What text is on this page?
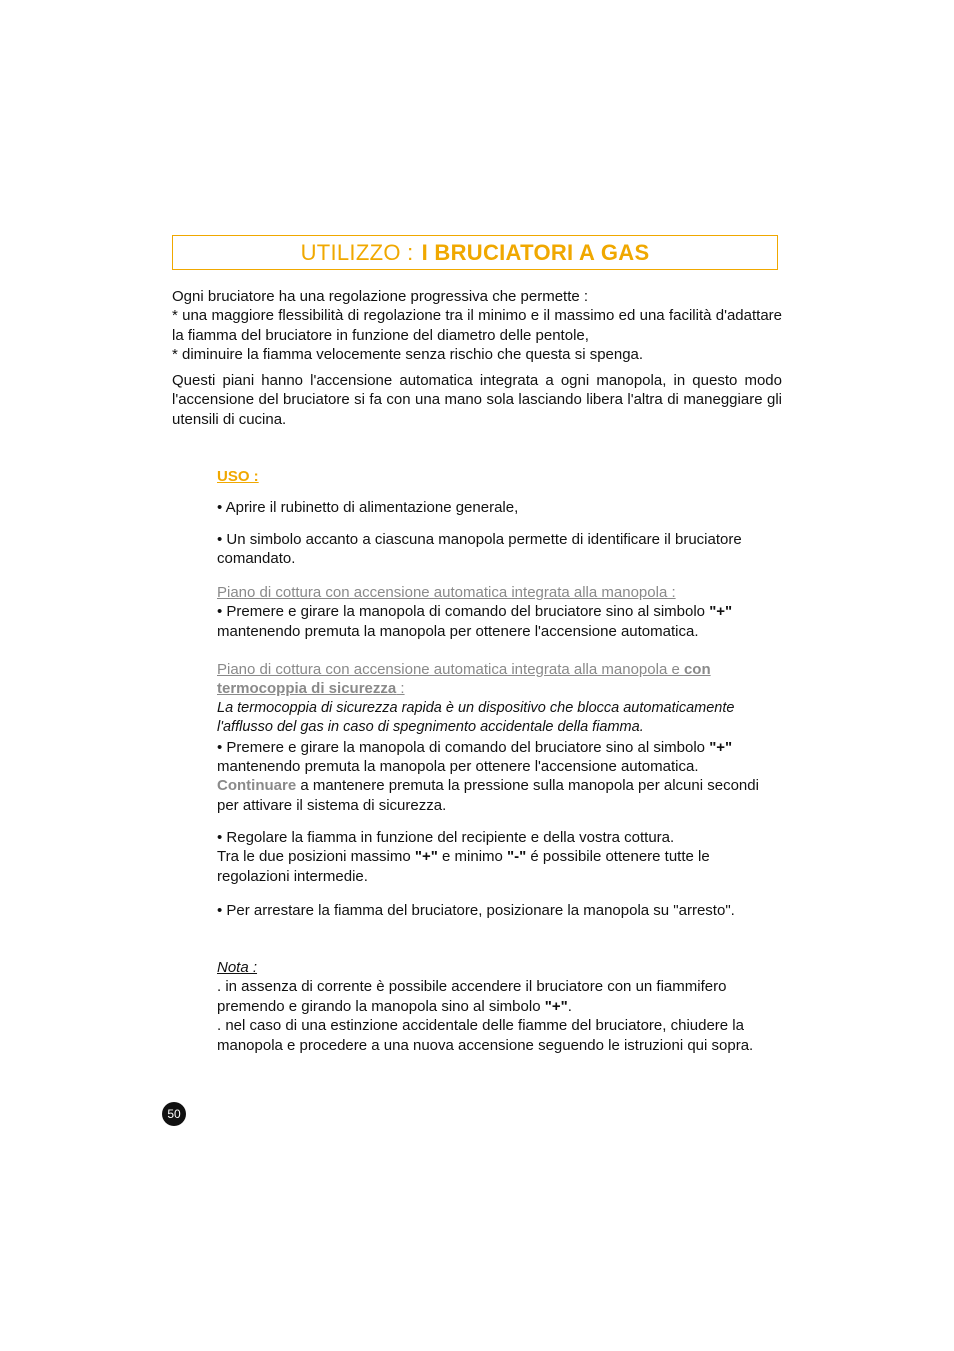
UTILIZZO : I BRUCIATORI A GAS

Ogni bruciatore ha una regolazione progressiva che permette :

* una maggiore flessibilità di regolazione tra il minimo e il massimo ed una facilità d'adattare la fiamma del bruciatore in funzione del diametro delle pentole,

* diminuire la fiamma velocemente senza rischio che questa si spenga.

Questi piani hanno l'accensione automatica integrata a ogni manopola, in questo modo l'accensione del bruciatore si fa con una mano sola lasciando libera l'altra di maneggiare gli utensili di cucina.

USO :

• Aprire il rubinetto di alimentazione generale,

• Un simbolo accanto a ciascuna manopola permette di identificare il bruciatore comandato.

Piano di cottura con accensione automatica integrata alla manopola :
• Premere e girare la manopola di comando del bruciatore sino al simbolo "+" mantenendo premuta la manopola per ottenere l'accensione automatica.
Piano di cottura con accensione automatica integrata alla manopola e con termocoppia di sicurezza :
La termocoppia di sicurezza rapida è un dispositivo che blocca automaticamente l'afflusso del gas in caso di spegnimento accidentale della fiamma.
• Premere e girare la manopola di comando del bruciatore sino al simbolo "+" mantenendo premuta la manopola per ottenere l'accensione automatica.
Continuare a mantenere premuta la pressione sulla manopola per alcuni secondi per attivare il sistema di sicurezza.
• Regolare la fiamma in funzione del recipiente e della vostra cottura.
Tra le due posizioni massimo "+" e minimo "-" é possibile ottenere tutte le regolazioni intermedie.

• Per arrestare la fiamma del bruciatore, posizionare la manopola su "arresto".

Nota :
. in assenza di corrente è possibile accendere il bruciatore con un fiammifero premendo e girando la manopola sino al simbolo "+".
. nel caso di una estinzione accidentale delle fiamme del bruciatore, chiudere la manopola e procedere a una nuova accensione seguendo le istruzioni qui sopra.
50
